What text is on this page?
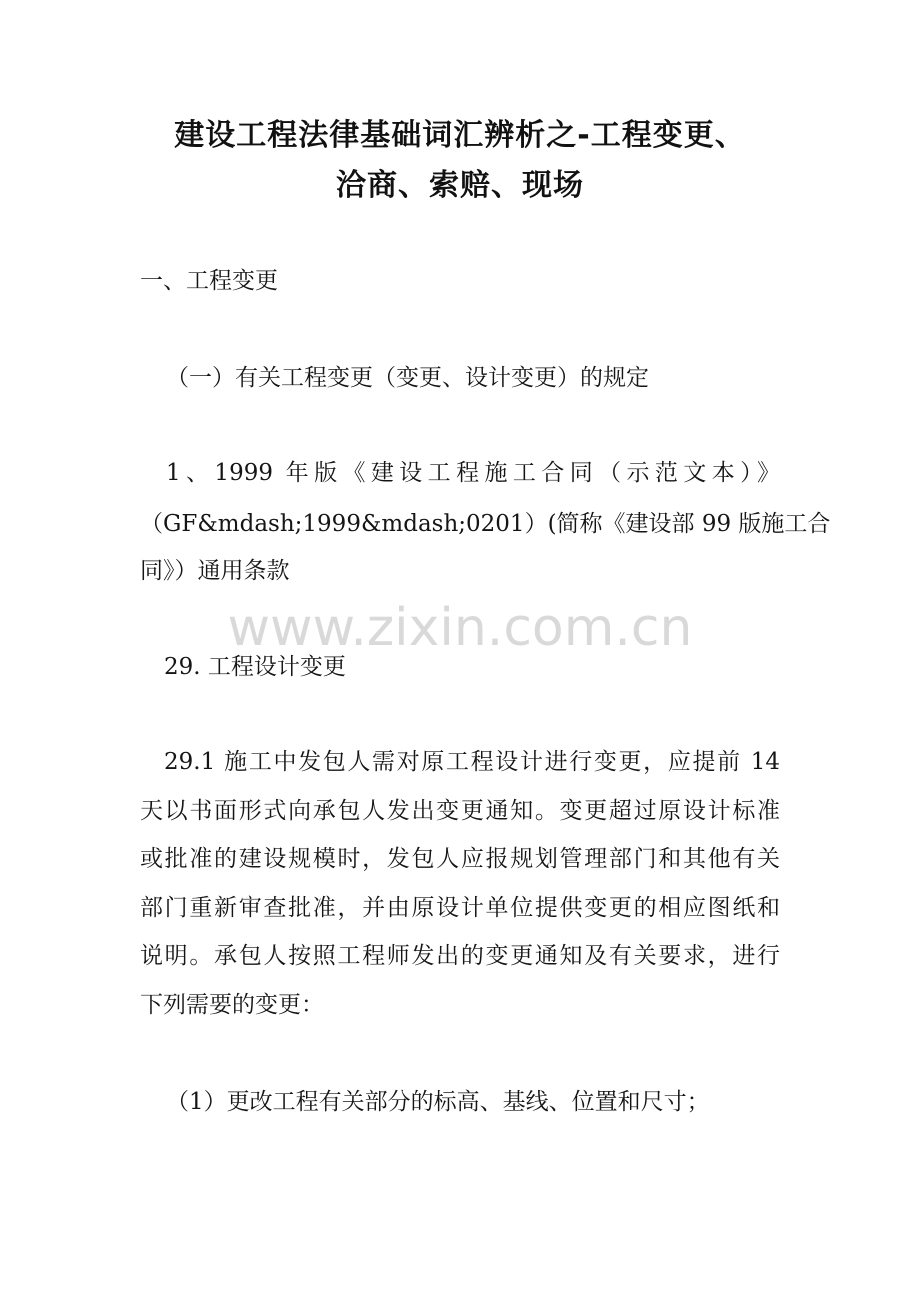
建设工程法律基础词汇辨析之-工程变更、
洽商、索赔、现场
一、工程变更
（一）有关工程变更（变更、设计变更）的规定
1、1999 年版《建设工程施工合同（示范文本）》
（GF&mdash;1999&mdash;0201）(简称《建设部 99 版施工合
同》）通用条款
www.zixin.com.cn
29. 工程设计变更
29.1 施工中发包人需对原工程设计进行变更，应提前 14
天以书面形式向承包人发出变更通知。变更超过原设计标准
或批准的建设规模时，发包人应报规划管理部门和其他有关
部门重新审查批准，并由原设计单位提供变更的相应图纸和
说明。承包人按照工程师发出的变更通知及有关要求，进行
下列需要的变更：
（1）更改工程有关部分的标高、基线、位置和尺寸；
